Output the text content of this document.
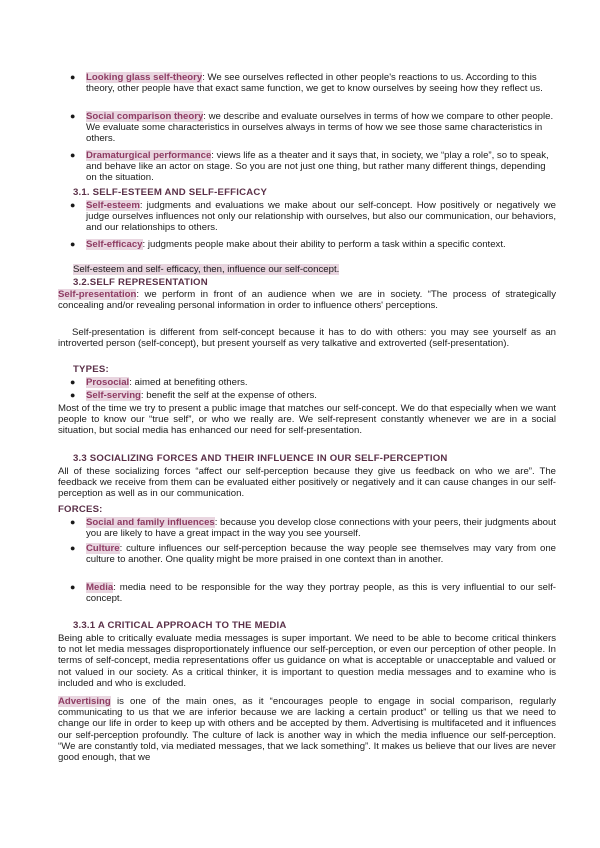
● Looking glass self-theory: We see ourselves reflected in other people's reactions to us. According to this theory, other people have that exact same function, we get to know ourselves by seeing how they reflect us.
● Social comparison theory: we describe and evaluate ourselves in terms of how we compare to other people. We evaluate some characteristics in ourselves always in terms of how we see those same characteristics in others.
● Dramaturgical performance: views life as a theater and it says that, in society, we “play a role”, so to speak, and behave like an actor on stage. So you are not just one thing, but rather many different things, depending on the situation.
3.1. SELF-ESTEEM AND SELF-EFFICACY
● Self-esteem: judgments and evaluations we make about our self-concept. How positively or negatively we judge ourselves influences not only our relationship with ourselves, but also our communication, our behaviors, and our relationships to others.
● Self-efficacy: judgments people make about their ability to perform a task within a specific context.
Self-esteem and self- efficacy, then, influence our self-concept.
3.2.SELF REPRESENTATION
Self-presentation: we perform in front of an audience when we are in society. “The process of strategically concealing and/or revealing personal information in order to influence others' perceptions.
Self-presentation is different from self-concept because it has to do with others: you may see yourself as an introverted person (self-concept), but present yourself as very talkative and extroverted (self-presentation).
TYPES:
● Prosocial: aimed at benefiting others.
● Self-serving: benefit the self at the expense of others.
Most of the time we try to present a public image that matches our self-concept. We do that especially when we want people to know our “true self”, or who we really are. We self-represent constantly whenever we are in a social situation, but social media has enhanced our need for self-presentation.
3.3 SOCIALIZING FORCES AND THEIR INFLUENCE IN OUR SELF-PERCEPTION
All of these socializing forces “affect our self-perception because they give us feedback on who we are”. The feedback we receive from them can be evaluated either positively or negatively and it can cause changes in our self-perception as well as in our communication.
FORCES:
● Social and family influences: because you develop close connections with your peers, their judgments about you are likely to have a great impact in the way you see yourself.
● Culture: culture influences our self-perception because the way people see themselves may vary from one culture to another. One quality might be more praised in one context than in another.
● Media: media need to be responsible for the way they portray people, as this is very influential to our self-concept.
3.3.1 A CRITICAL APPROACH TO THE MEDIA
Being able to critically evaluate media messages is super important. We need to be able to become critical thinkers to not let media messages disproportionately influence our self-perception, or even our perception of other people. In terms of self-concept, media representations offer us guidance on what is acceptable or unacceptable and valued or not valued in our society. As a critical thinker, it is important to question media messages and to examine who is included and who is excluded.
Advertising is one of the main ones, as it “encourages people to engage in social comparison, regularly communicating to us that we are inferior because we are lacking a certain product” or telling us that we need to change our life in order to keep up with others and be accepted by them. Advertising is multifaceted and it influences our self-perception profoundly. The culture of lack is another way in which the media influence our self-perception. “We are constantly told, via mediated messages, that we lack something”. It makes us believe that our lives are never good enough, that we
